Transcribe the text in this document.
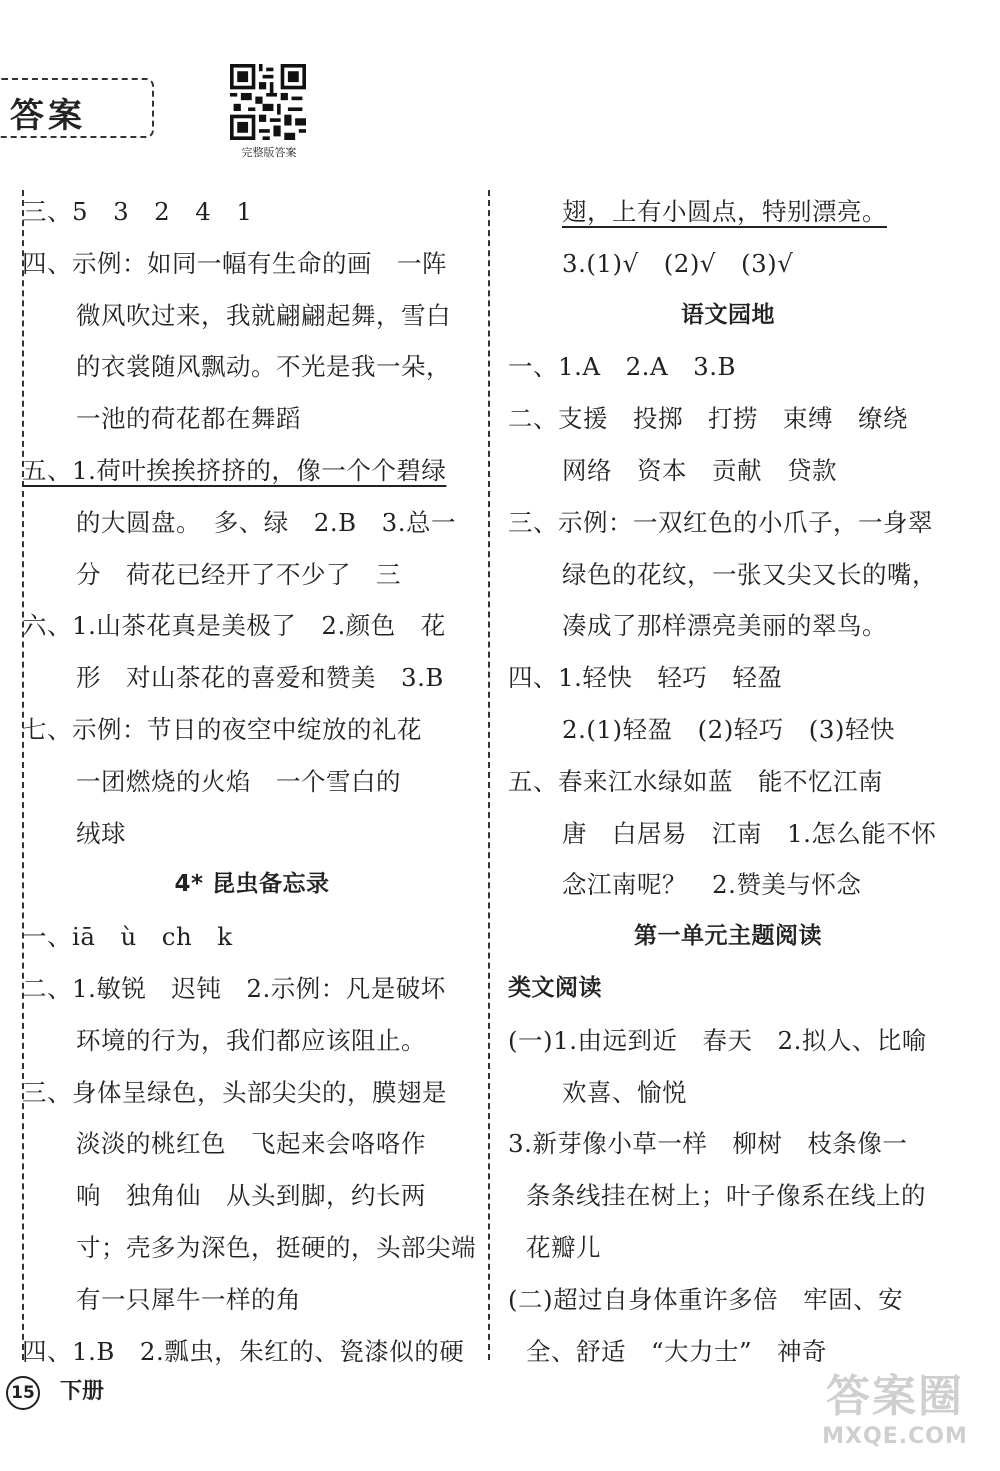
答案
完整版答案
三、5　3　2　4　1
四、示例：如同一幅有生命的画　一阵
微风吹过来，我就翩翩起舞，雪白
的衣裳随风飘动。不光是我一朵，
一池的荷花都在舞蹈
五、1.荷叶挨挨挤挤的，像一个个碧绿
的大圆盘。　多、绿　2.B　3.总一
分　荷花已经开了不少了　三
六、1.山茶花真是美极了　2.颜色　花
形　对山茶花的喜爱和赞美　3.B
七、示例：节日的夜空中绽放的礼花
一团燃烧的火焰　一个雪白的
绒球
4* 昆虫备忘录
一、iā　ù　ch　k
二、1.敏锐　迟钝　2.示例：凡是破坏
环境的行为，我们都应该阻止。
三、身体呈绿色，头部尖尖的，膜翅是
淡淡的桃红色　飞起来会咯咯作
响　独角仙　从头到脚，约长两
寸；壳多为深色，挺硬的，头部尖端
有一只犀牛一样的角
四、1.B　2.瓢虫，朱红的、瓷漆似的硬
翅，上有小圆点，特别漂亮。
3.(1)√　(2)√　(3)√
语文园地
一、1.A　2.A　3.B
二、支援　投掷　打捞　束缚　缭绕
网络　资本　贡献　贷款
三、示例：一双红色的小爪子，一身翠
绿色的花纹，一张又尖又长的嘴，
凑成了那样漂亮美丽的翠鸟。
四、1.轻快　轻巧　轻盈
2.(1)轻盈　(2)轻巧　(3)轻快
五、春来江水绿如蓝　能不忆江南
唐　白居易　江南　1.怎么能不怀
念江南呢？　2.赞美与怀念
第一单元主题阅读
类文阅读
(一)1.由远到近　春天　2.拟人、比喻
欢喜、愉悦
3.新芽像小草一样　柳树　枝条像一
条条线挂在树上；叶子像系在线上的
花瓣儿
(二)超过自身体重许多倍　牢固、安
全、舒适　“大力士”　神奇
15 下册	答案圈
MXQE.COM
